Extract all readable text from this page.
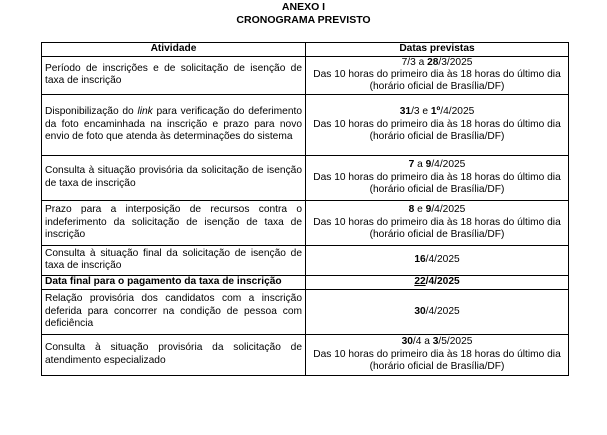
ANEXO I
CRONOGRAMA PREVISTO
Atividade	Datas previstas
Período de inscrições e de solicitação de isenção de taxa de inscrição	7/3 a 28/3/2025
Das 10 horas do primeiro dia às 18 horas do último dia (horário oficial de Brasília/DF)

Disponibilização do link para verificação do deferimento da foto encaminhada na inscrição e prazo para novo envio de foto que atenda às determinações do sistema	31/3 e 1º/4/2025
Das 10 horas do primeiro dia às 18 horas do último dia (horário oficial de Brasília/DF)

Consulta à situação provisória da solicitação de isenção de taxa de inscrição	7 a 9/4/2025
Das 10 horas do primeiro dia às 18 horas do último dia (horário oficial de Brasília/DF)

Prazo para a interposição de recursos contra o indeferimento da solicitação de isenção de taxa de inscrição	8 e 9/4/2025
Das 10 horas do primeiro dia às 18 horas do último dia (horário oficial de Brasília/DF)

Consulta à situação final da solicitação de isenção de taxa de inscrição	16/4/2025

Data final para o pagamento da taxa de inscrição	22/4/2025

Relação provisória dos candidatos com a inscrição deferida para concorrer na condição de pessoa com deficiência	30/4/2025

Consulta à situação provisória da solicitação de atendimento especializado	30/4 a 3/5/2025
Das 10 horas do primeiro dia às 18 horas do último dia (horário oficial de Brasília/DF)
